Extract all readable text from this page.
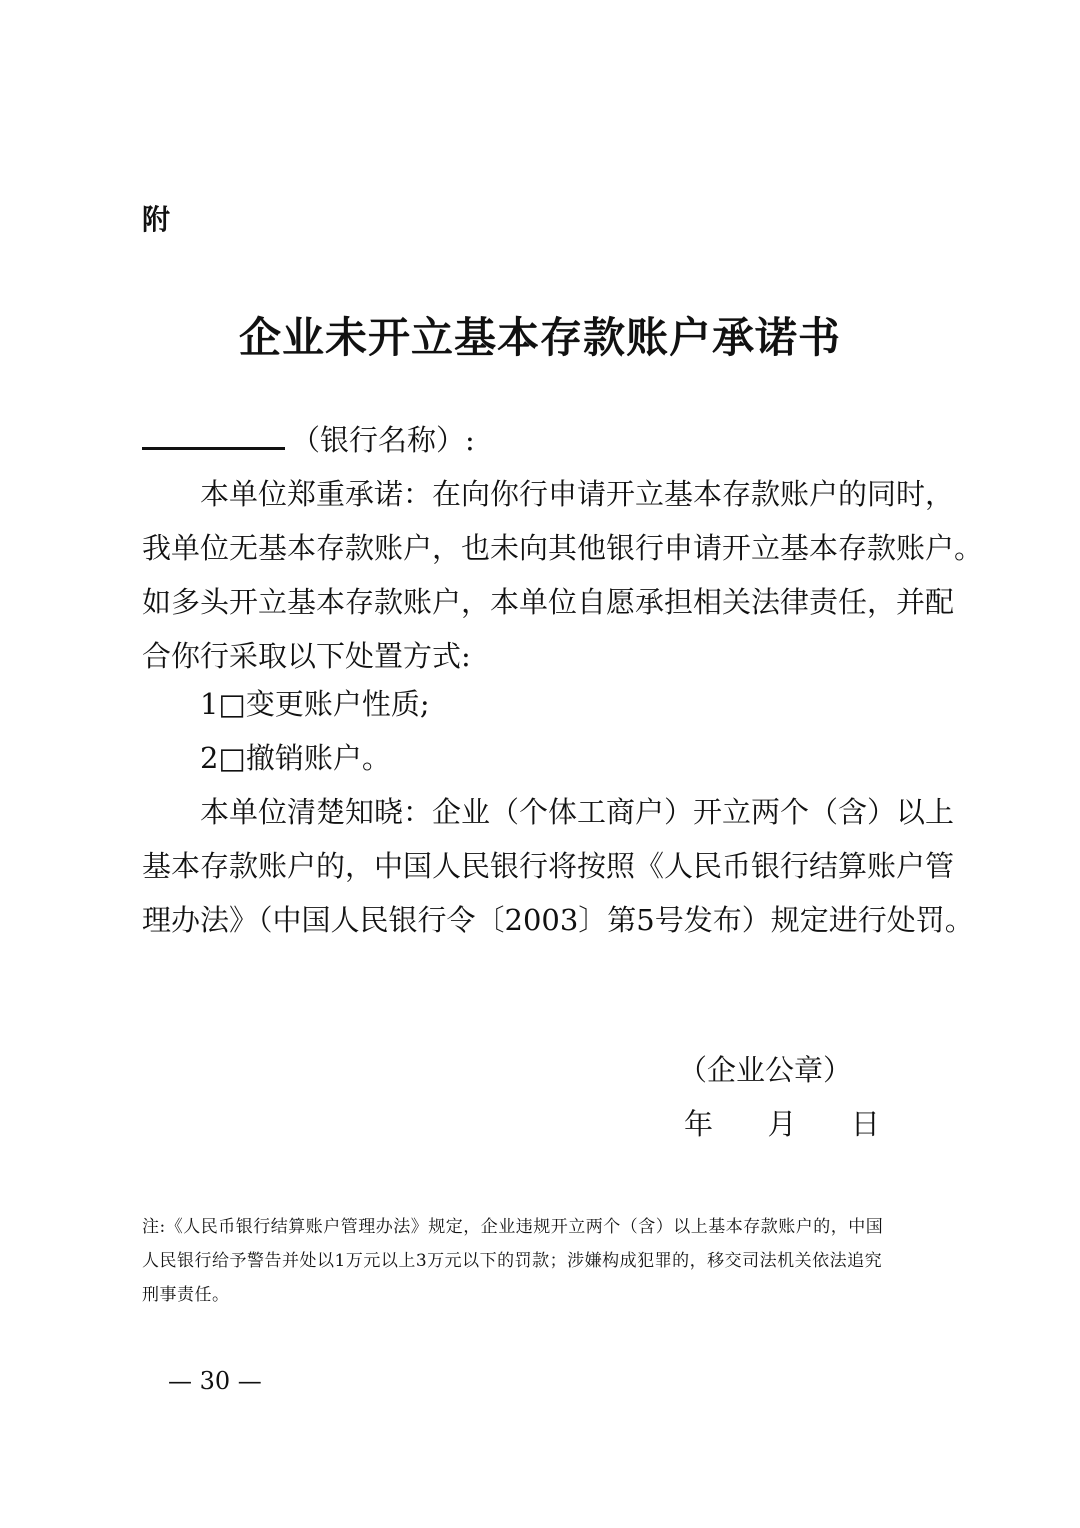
附
企业未开立基本存款账户承诺书
（银行名称）:
本单位郑重承诺：在向你行申请开立基本存款账户的同时，
我单位无基本存款账户，也未向其他银行申请开立基本存款账户。
如多头开立基本存款账户，本单位自愿承担相关法律责任，并配
合你行采取以下处置方式:
1□变更账户性质;
2□撤销账户。
本单位清楚知晓：企业（个体工商户）开立两个（含）以上
基本存款账户的，中国人民银行将按照《人民币银行结算账户管
理办法》（中国人民银行令〔2003〕第5号发布）规定进行处罚。
（企业公章）
年 月 日
注:《人民币银行结算账户管理办法》规定，企业违规开立两个（含）以上基本存款账户的，中国
人民银行给予警告并处以1万元以上3万元以下的罚款；涉嫌构成犯罪的，移交司法机关依法追究
刑事责任。
— 30 —
